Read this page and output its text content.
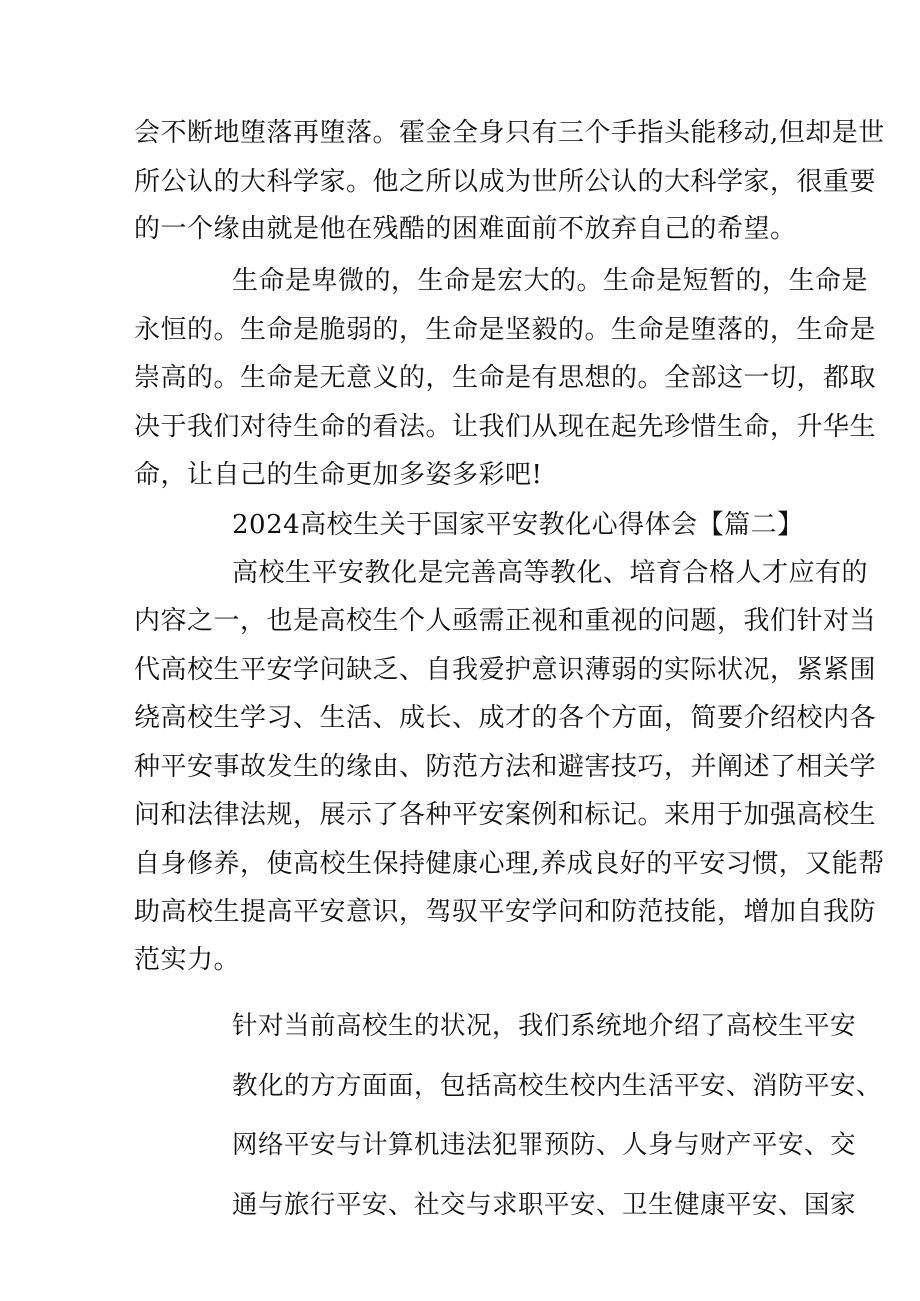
会不断地堕落再堕落。霍金全身只有三个手指头能移动,但却是世
所公认的大科学家。他之所以成为世所公认的大科学家，很重要
的一个缘由就是他在残酷的困难面前不放弃自己的希望。
生命是卑微的，生命是宏大的。生命是短暂的，生命是
永恒的。生命是脆弱的，生命是坚毅的。生命是堕落的，生命是
崇高的。生命是无意义的，生命是有思想的。全部这一切，都取
决于我们对待生命的看法。让我们从现在起先珍惜生命，升华生
命，让自己的生命更加多姿多彩吧!
2024高校生关于国家平安教化心得体会【篇二】
高校生平安教化是完善高等教化、培育合格人才应有的
内容之一，也是高校生个人亟需正视和重视的问题，我们针对当
代高校生平安学问缺乏、自我爱护意识薄弱的实际状况，紧紧围
绕高校生学习、生活、成长、成才的各个方面，简要介绍校内各
种平安事故发生的缘由、防范方法和避害技巧，并阐述了相关学
问和法律法规，展示了各种平安案例和标记。来用于加强高校生
自身修养，使高校生保持健康心理,养成良好的平安习惯，又能帮
助高校生提高平安意识，驾驭平安学问和防范技能，增加自我防
范实力。
针对当前高校生的状况，我们系统地介绍了高校生平安
教化的方方面面，包括高校生校内生活平安、消防平安、
网络平安与计算机违法犯罪预防、人身与财产平安、交
通与旅行平安、社交与求职平安、卫生健康平安、国家
